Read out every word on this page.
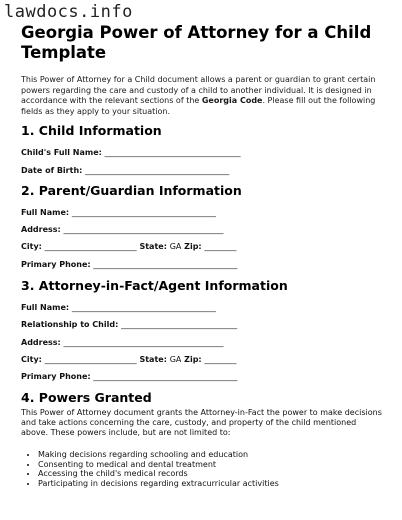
lawdocs.info
Georgia Power of Attorney for a Child Template

This Power of Attorney for a Child document allows a parent or guardian to grant certain powers regarding the care and custody of a child to another individual. It is designed in accordance with the relevant sections of the Georgia Code. Please fill out the following fields as they apply to your situation.

1. Child Information
Child's Full Name: __________________________________
Date of Birth: ____________________________________
2. Parent/Guardian Information
Full Name: ____________________________________
Address: ________________________________________
City: _______________________ State: GA Zip: ________
Primary Phone: ____________________________________
3. Attorney-in-Fact/Agent Information
Full Name: ____________________________________
Relationship to Child: _____________________________
Address: ________________________________________
City: _______________________ State: GA Zip: ________
Primary Phone: ____________________________________
4. Powers Granted

This Power of Attorney document grants the Attorney-in-Fact the power to make decisions and take actions concerning the care, custody, and property of the child mentioned above. These powers include, but are not limited to:

• Making decisions regarding schooling and education
• Consenting to medical and dental treatment
• Accessing the child's medical records
• Participating in decisions regarding extracurricular activities
